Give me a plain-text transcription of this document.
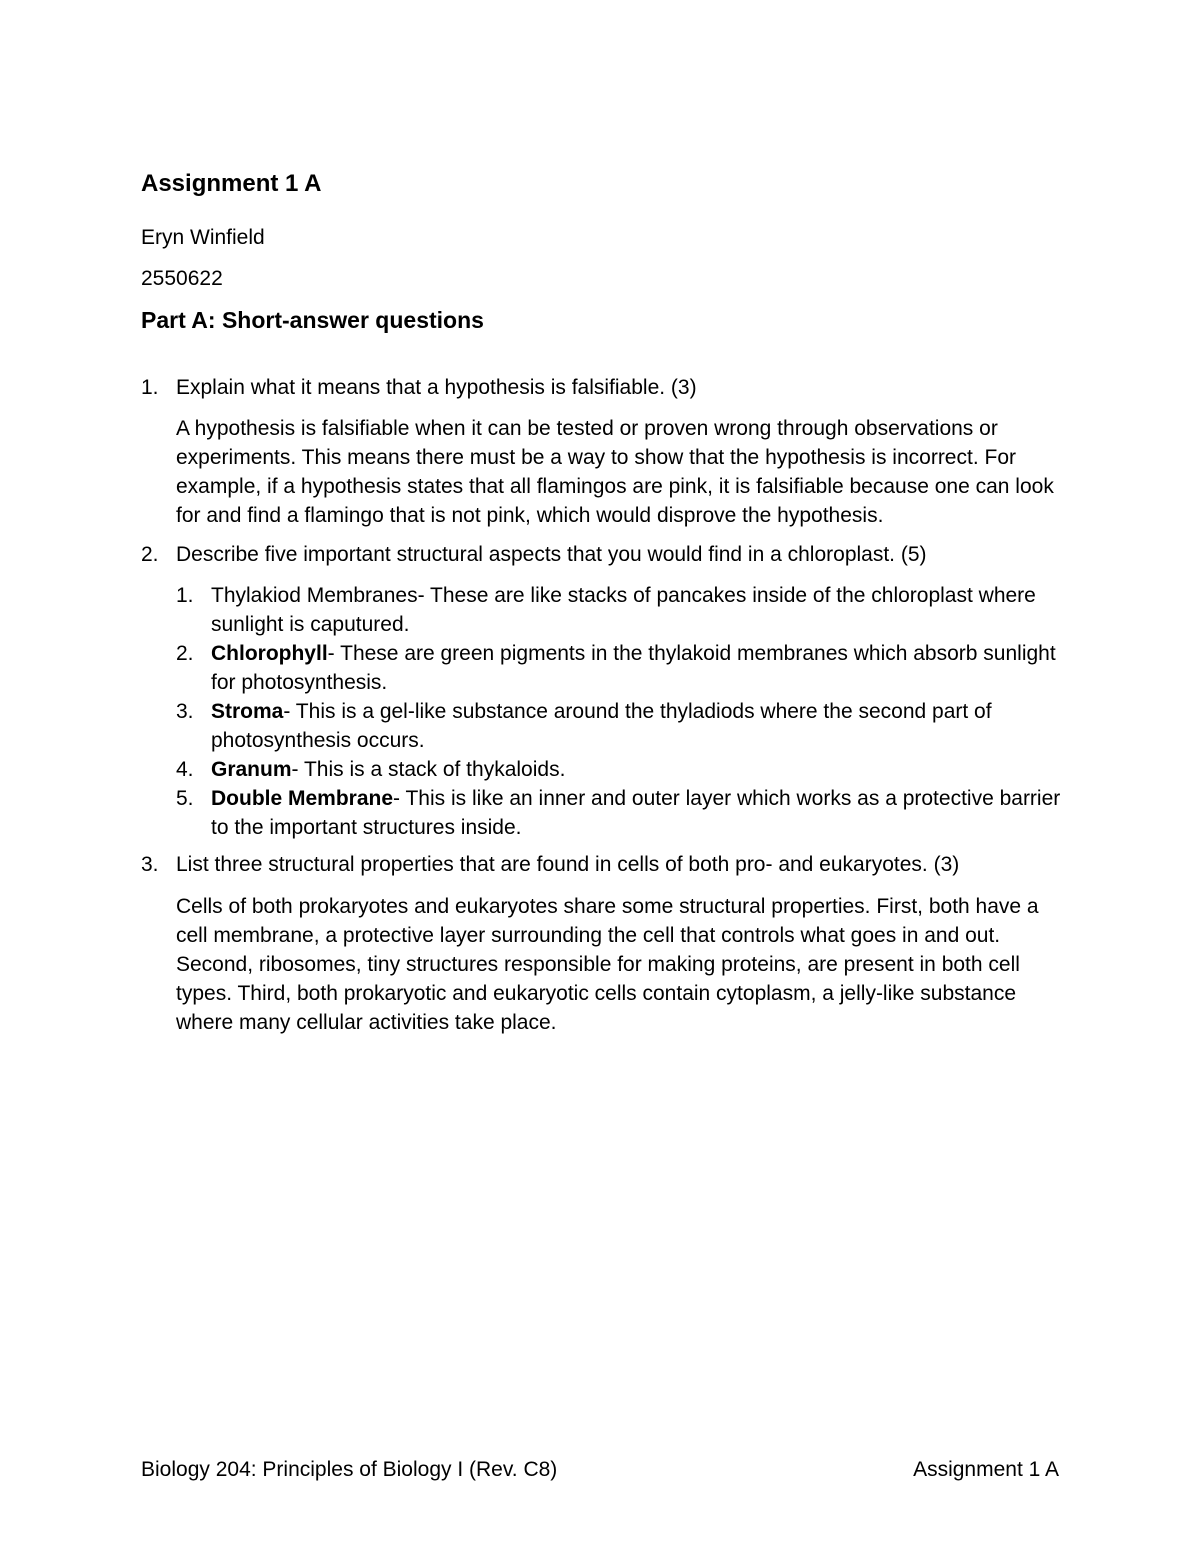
Assignment 1 A
Eryn Winfield
2550622
Part A: Short-answer questions
1. Explain what it means that a hypothesis is falsifiable. (3)
A hypothesis is falsifiable when it can be tested or proven wrong through observations or experiments. This means there must be a way to show that the hypothesis is incorrect. For example, if a hypothesis states that all flamingos are pink, it is falsifiable because one can look for and find a flamingo that is not pink, which would disprove the hypothesis.
2. Describe five important structural aspects that you would find in a chloroplast. (5)
1. Thylakiod Membranes- These are like stacks of pancakes inside of the chloroplast where sunlight is caputured.
2. Chlorophyll- These are green pigments in the thylakoid membranes which absorb sunlight for photosynthesis.
3. Stroma- This is a gel-like substance around the thyladiods where the second part of photosynthesis occurs.
4. Granum- This is a stack of thykaloids.
5. Double Membrane- This is like an inner and outer layer which works as a protective barrier to the important structures inside.
3. List three structural properties that are found in cells of both pro- and eukaryotes. (3)
Cells of both prokaryotes and eukaryotes share some structural properties. First, both have a cell membrane, a protective layer surrounding the cell that controls what goes in and out. Second, ribosomes, tiny structures responsible for making proteins, are present in both cell types. Third, both prokaryotic and eukaryotic cells contain cytoplasm, a jelly-like substance where many cellular activities take place.
Biology 204: Principles of Biology I (Rev. C8)	Assignment 1 A
